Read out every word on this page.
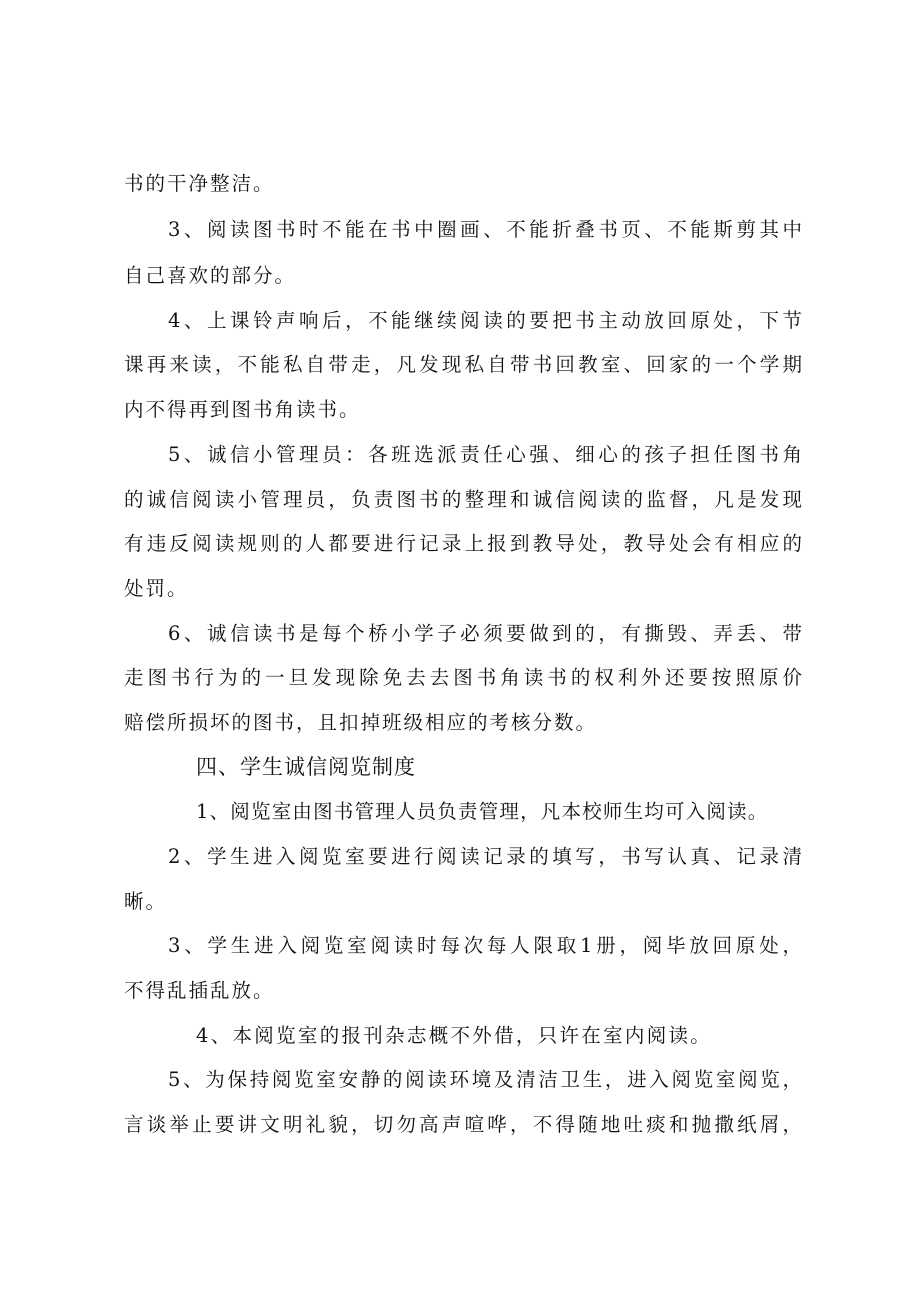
书的干净整洁。
3、阅读图书时不能在书中圈画、不能折叠书页、不能斯剪其中
自己喜欢的部分。
4、上课铃声响后，不能继续阅读的要把书主动放回原处，下节
课再来读，不能私自带走，凡发现私自带书回教室、回家的一个学期
内不得再到图书角读书。
5、诚信小管理员：各班选派责任心强、细心的孩子担任图书角
的诚信阅读小管理员，负责图书的整理和诚信阅读的监督，凡是发现
有违反阅读规则的人都要进行记录上报到教导处，教导处会有相应的
处罚。
6、诚信读书是每个桥小学子必须要做到的，有撕毁、弄丢、带
走图书行为的一旦发现除免去去图书角读书的权利外还要按照原价
赔偿所损坏的图书，且扣掉班级相应的考核分数。
四、学生诚信阅览制度
1、阅览室由图书管理人员负责管理，凡本校师生均可入阅读。
2、学生进入阅览室要进行阅读记录的填写，书写认真、记录清
晰。
3、学生进入阅览室阅读时每次每人限取1册，阅毕放回原处，
不得乱插乱放。
4、本阅览室的报刊杂志概不外借，只许在室内阅读。
5、为保持阅览室安静的阅读环境及清洁卫生，进入阅览室阅览，
言谈举止要讲文明礼貌，切勿高声喧哗，不得随地吐痰和抛撒纸屑，
